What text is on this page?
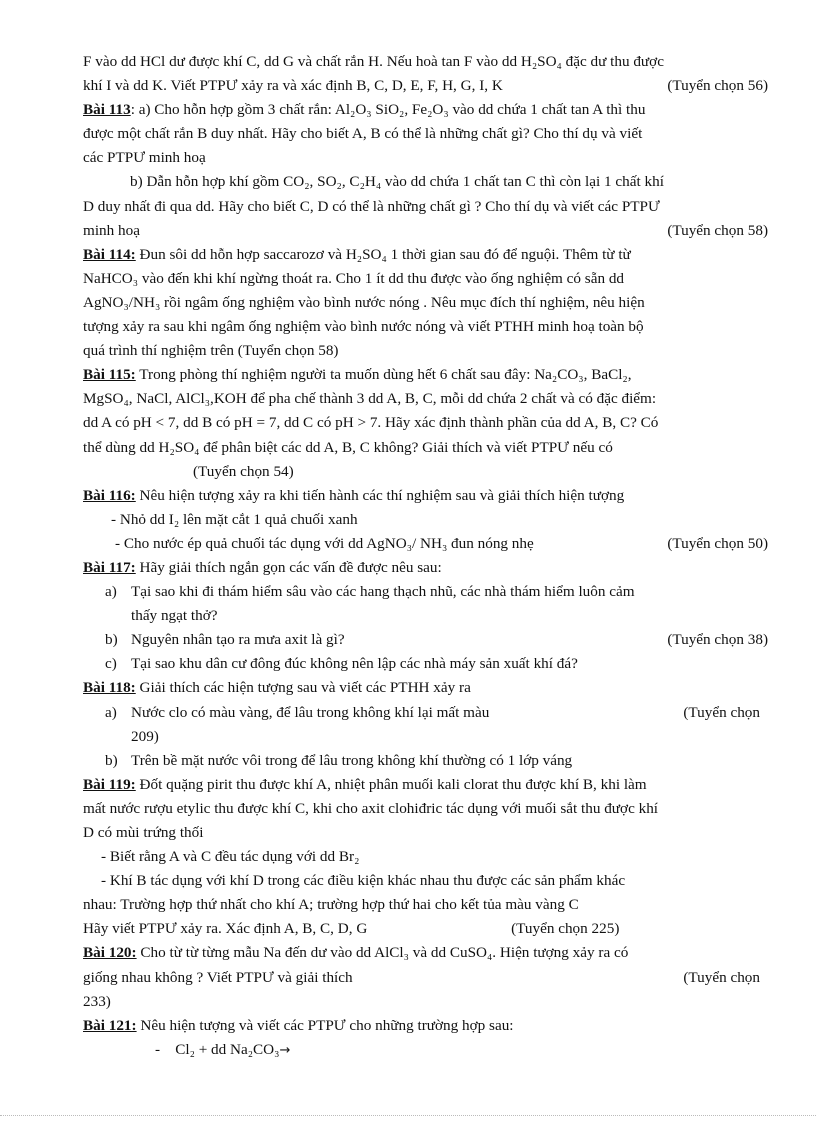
F vào dd HCl dư được khí C, dd G và chất rắn H. Nếu hoà tan F vào dd H₂SO₄ đặc dư thu được

khí I và dd K. Viết PTPƯ xảy ra và xác định B, C, D, E, F, H, G, I, K	(Tuyển chọn 56)

Bài 113: a) Cho hỗn hợp gồm 3 chất rắn: Al₂O₃ SiO₂, Fe₂O₃ vào dd chứa 1 chất tan A thì thu

được một chất rắn B duy nhất. Hãy cho biết A, B có thể là những chất gì? Cho thí dụ và viết

các PTPƯ minh hoạ

b) Dẫn hỗn hợp khí gồm CO₂, SO₂, C₂H₄ vào dd chứa 1 chất tan C thì còn lại 1 chất khí

D duy nhất đi qua dd. Hãy cho biết C, D có thể là những chất gì ? Cho thí dụ và viết các PTPƯ

minh hoạ	(Tuyển chọn 58)

Bài 114: Đun sôi dd hỗn hợp saccarozơ và H₂SO₄ 1 thời gian sau đó để nguội. Thêm từ từ

NaHCO₃ vào đến khi khí ngừng thoát ra. Cho 1 ít dd thu được vào ống nghiệm có sẵn dd

AgNO₃/NH₃ rồi ngâm ống nghiệm vào bình nước nóng . Nêu mục đích thí nghiệm, nêu hiện

tượng xảy ra sau khi ngâm ống nghiệm vào bình nước nóng và viết PTHH minh hoạ toàn bộ

quá trình thí nghiệm trên (Tuyển chọn 58)

Bài 115: Trong phòng thí nghiệm người ta muốn dùng hết 6 chất sau đây: Na₂CO₃, BaCl₂,

MgSO₄, NaCl, AlCl₃,KOH để pha chế thành 3 dd A, B, C, mỗi dd chứa 2 chất và có đặc điểm:

dd A có pH < 7, dd B có pH = 7, dd C có pH > 7. Hãy xác định thành phần của dd A, B, C? Có

thể dùng dd H₂SO₄ để phân biệt các dd A, B, C không? Giải thích và viết PTPƯ nếu có

(Tuyển chọn 54)

Bài 116: Nêu hiện tượng xảy ra khi tiến hành các thí nghiệm sau và giải thích hiện tượng

- Nhỏ dd I₂ lên mặt cắt 1 quả chuối xanh

- Cho nước ép quả chuối tác dụng với dd AgNO₃/ NH₃ đun nóng nhẹ	(Tuyển chọn 50)

Bài 117: Hãy giải thích ngắn gọn các vấn đề được nêu sau:

a) Tại sao khi đi thám hiểm sâu vào các hang thạch nhũ, các nhà thám hiểm luôn cảm
thấy ngạt thở?
b) Nguyên nhân tạo ra mưa axit là gì?	(Tuyển chọn 38)
c) Tại sao khu dân cư đông đúc không nên lập các nhà máy sản xuất khí đá?

Bài 118: Giải thích các hiện tượng sau và viết các PTHH xảy ra

a) Nước clo có màu vàng, để lâu trong không khí lại mất màu	(Tuyển chọn

209)
b) Trên bề mặt nước vôi trong để lâu trong không khí thường có 1 lớp váng

Bài 119: Đốt quặng pirit thu được khí A, nhiệt phân muối kali clorat thu được khí B, khi làm

mất nước rượu etylic thu được khí C, khi cho axit clohiđric tác dụng với muối sắt thu được khí

D có mùi trứng thối

- Biết rằng A và C đều tác dụng với dd Br₂

- Khí B tác dụng với khí D trong các điều kiện khác nhau thu được các sản phẩm khác

nhau: Trường hợp thứ nhất cho khí A; trường hợp thứ hai cho kết tủa màu vàng C

Hãy viết PTPƯ xảy ra. Xác định A, B, C, D, G	(Tuyển chọn 225)

Bài 120: Cho từ từ từng mẫu Na đến dư vào dd AlCl₃ và dd CuSO₄. Hiện tượng xảy ra có

giống nhau không ? Viết PTPƯ và giải thích	(Tuyển chọn

233)

Bài 121: Nêu hiện tượng và viết các PTPƯ cho những trường hợp sau:

- Cl₂ + dd Na₂CO₃→
